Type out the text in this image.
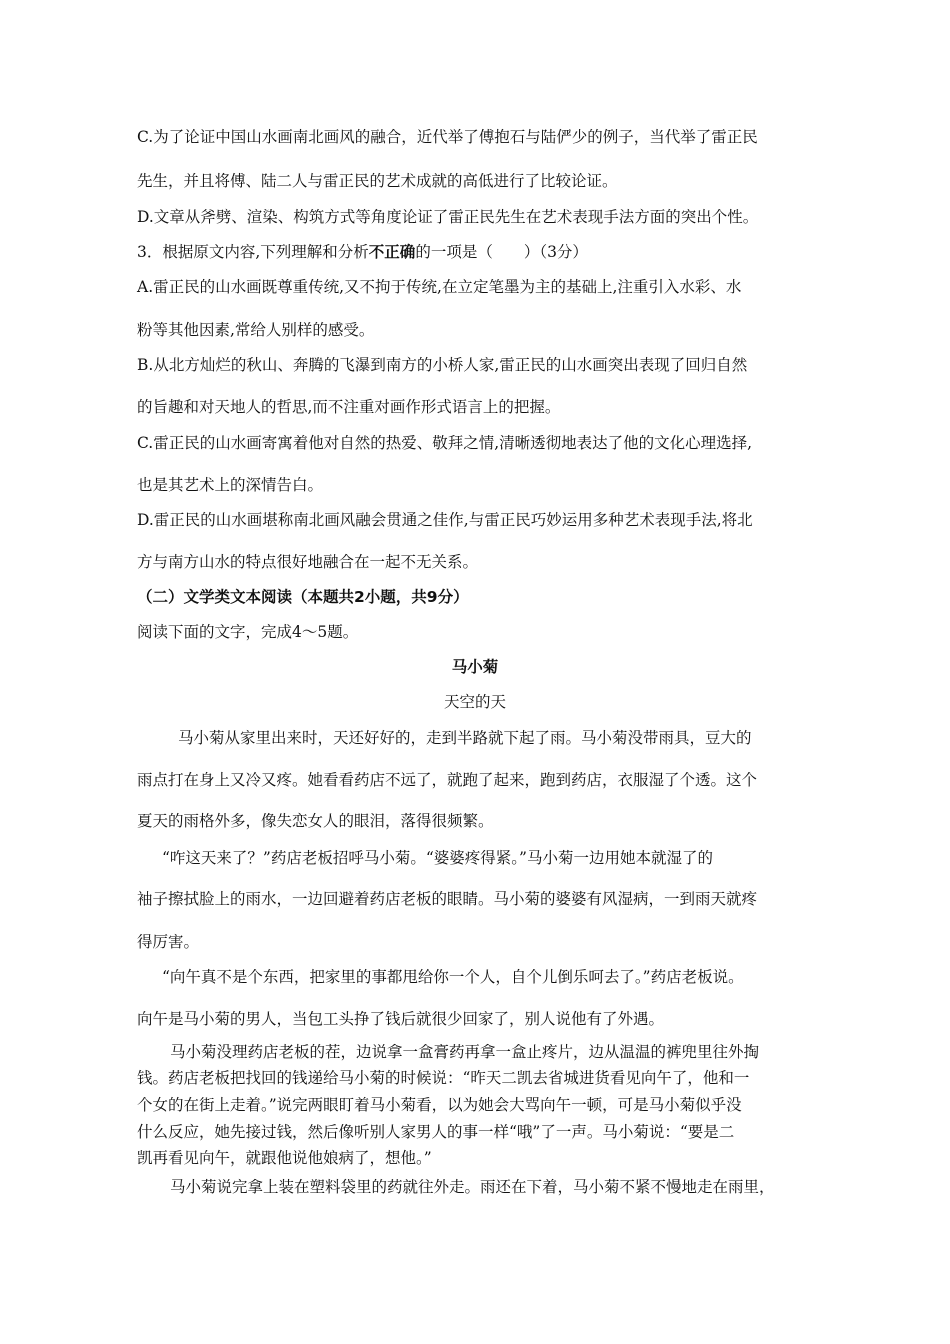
C.为了论证中国山水画南北画风的融合，近代举了傅抱石与陆俨少的例子，当代举了雷正民
先生，并且将傅、陆二人与雷正民的艺术成就的高低进行了比较论证。
D.文章从斧劈、渲染、构筑方式等角度论证了雷正民先生在艺术表现手法方面的突出个性。
3．根据原文内容,下列理解和分析不正确的一项是（　　）（3分）
A.雷正民的山水画既尊重传统,又不拘于传统,在立定笔墨为主的基础上,注重引入水彩、水
粉等其他因素,常给人别样的感受。
B.从北方灿烂的秋山、奔腾的飞瀑到南方的小桥人家,雷正民的山水画突出表现了回归自然
的旨趣和对天地人的哲思,而不注重对画作形式语言上的把握。
C.雷正民的山水画寄寓着他对自然的热爱、敬拜之情,清晰透彻地表达了他的文化心理选择,
也是其艺术上的深情告白。
D.雷正民的山水画堪称南北画风融会贯通之佳作,与雷正民巧妙运用多种艺术表现手法,将北
方与南方山水的特点很好地融合在一起不无关系。
（二）文学类文本阅读（本题共2小题，共9分）
阅读下面的文字，完成4～5题。
马小菊
天空的天
马小菊从家里出来时，天还好好的，走到半路就下起了雨。马小菊没带雨具，豆大的
雨点打在身上又冷又疼。她看看药店不远了，就跑了起来，跑到药店，衣服湿了个透。这个
夏天的雨格外多，像失恋女人的眼泪，落得很频繁。
“咋这天来了？”药店老板招呼马小菊。“婆婆疼得紧。”马小菊一边用她本就湿了的
袖子擦拭脸上的雨水，一边回避着药店老板的眼睛。马小菊的婆婆有风湿病，一到雨天就疼
得厉害。
“向午真不是个东西，把家里的事都甩给你一个人，自个儿倒乐呵去了。”药店老板说。
向午是马小菊的男人，当包工头挣了钱后就很少回家了，别人说他有了外遇。
马小菊没理药店老板的茬，边说拿一盒膏药再拿一盒止疼片，边从温温的裤兜里往外掏
钱。药店老板把找回的钱递给马小菊的时候说：“昨天二凯去省城进货看见向午了，他和一
个女的在街上走着。”说完两眼盯着马小菊看，以为她会大骂向午一顿，可是马小菊似乎没
什么反应，她先接过钱，然后像听别人家男人的事一样“哦”了一声。马小菊说：“要是二
凯再看见向午，就跟他说他娘病了，想他。”
马小菊说完拿上装在塑料袋里的药就往外走。雨还在下着，马小菊不紧不慢地走在雨里，
